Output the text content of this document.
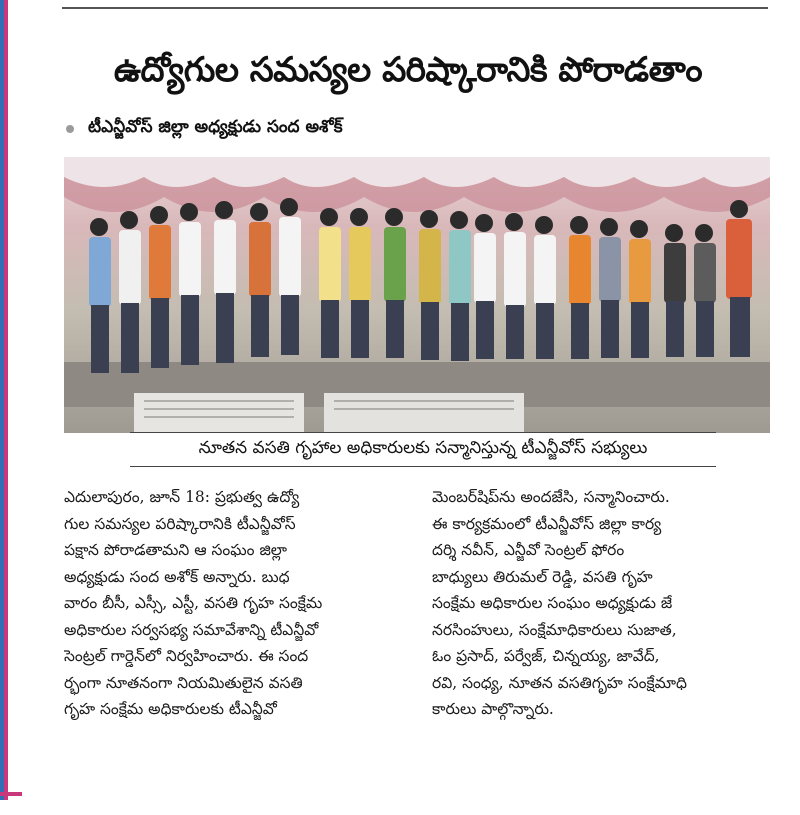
ఉద్యోగుల సమస్యల పరిష్కారానికి పోరాడతాం
టీఎన్జీవోస్ జిల్లా అధ్యక్షుడు సంద అశోక్
నూతన వసతి గృహాల అధికారులకు సన్మానిస్తున్న టీఎన్జీవోస్ సభ్యులు
ఎదులాపురం, జూన్ 18: ప్రభుత్వ ఉద్యో
గుల సమస్యల పరిష్కారానికి టీఎన్జీవోస్
పక్షాన పోరాడతామని ఆ సంఘం జిల్లా
అధ్యక్షుడు సంద అశోక్ అన్నారు. బుధ
వారం బీసీ, ఎస్సీ, ఎస్టీ, వసతి గృహ సంక్షేమ
అధికారుల సర్వసభ్య సమావేశాన్ని టీఎన్జీవో
సెంట్రల్ గార్డెన్‌లో నిర్వహించారు. ఈ సంద
ర్భంగా నూతనంగా నియమితులైన వసతి
గృహ సంక్షేమ అధికారులకు టీఎన్జీవో
మెంబర్‌షిప్‌ను అందజేసి, సన్మానించారు.
ఈ కార్యక్రమంలో టీఎన్జీవోస్ జిల్లా కార్య
దర్శి నవీన్, ఎన్జీవో సెంట్రల్ ఫోరం
బాధ్యులు తిరుమల్ రెడ్డి, వసతి గృహ
సంక్షేమ అధికారుల సంఘం అధ్యక్షుడు జే
నరసింహులు, సంక్షేమాధికారులు సుజాత,
ఓం ప్రసాద్, పర్వేజ్, చిన్నయ్య, జావేద్,
రవి, సంధ్య, నూతన వసతిగృహ సంక్షేమాధి
కారులు పాల్గొన్నారు.
